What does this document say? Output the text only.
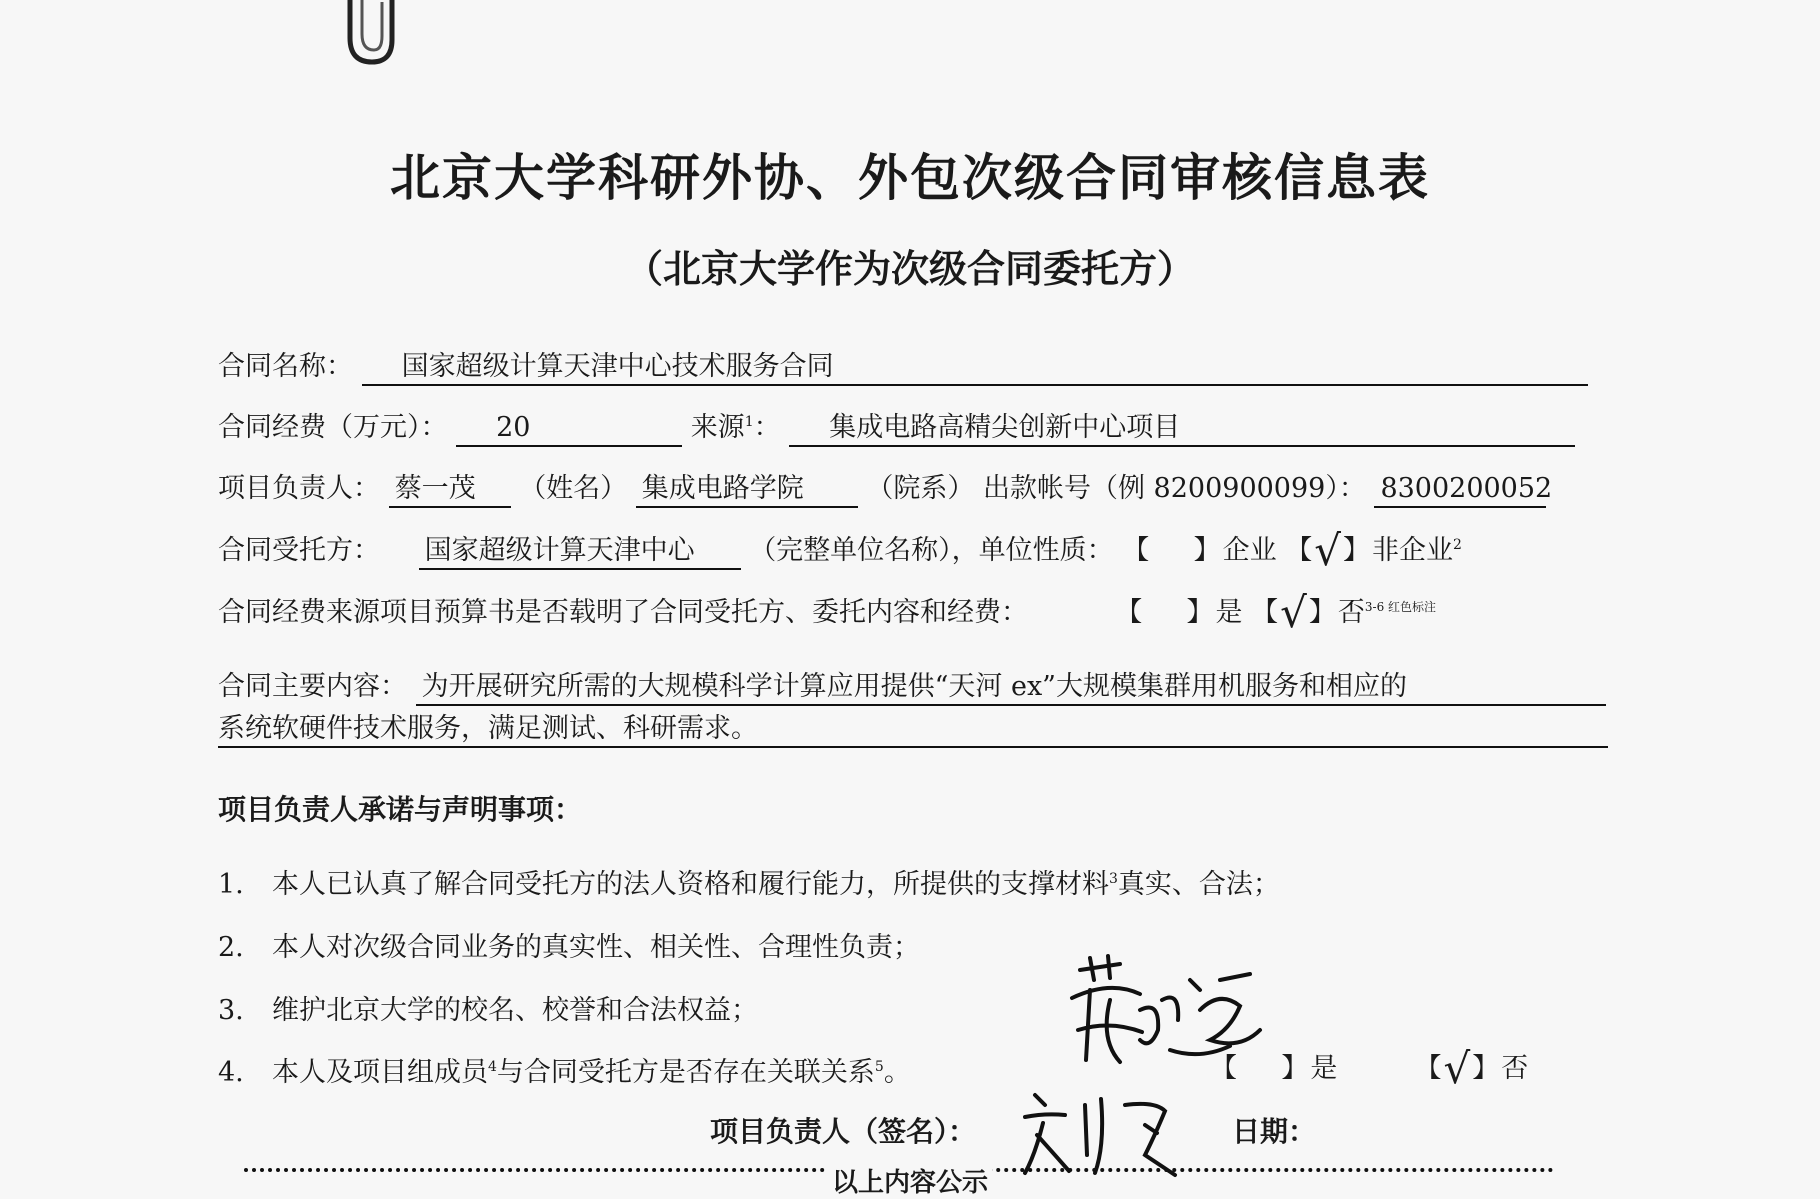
北京大学科研外协、外包次级合同审核信息表
（北京大学作为次级合同委托方）
合同名称： 国家超级计算天津中心技术服务合同
合同经费（万元）： 20	来源$^1$： 集成电路高精尖创新中心项目
项目负责人： 蔡一茂 （姓名） 集成电路学院 （院系） 出款帐号（例 8200900099）： 8300200052
合同受托方： 国家超级计算天津中心 （完整单位名称），单位性质： 【 】企业 【√】非企业$^2$
合同经费来源项目预算书是否载明了合同受托方、委托内容和经费：	【 】是 【√】否$^{3-6 红色标注}$
合同主要内容： 为开展研究所需的大规模科学计算应用提供“天河 ex”大规模集群用机服务和相应的
系统软硬件技术服务，满足测试、科研需求。
项目负责人承诺与声明事项：
1. 本人已认真了解合同受托方的法人资格和履行能力，所提供的支撑材料$^3$真实、合法；
2. 本人对次级合同业务的真实性、相关性、合理性负责；
3. 维护北京大学的校名、校誉和合法权益；
4. 本人及项目组成员$^4$与合同受托方是否存在关联关系$^5$。	【 】是	【√】否
项目负责人（签名）：	日期：
以上内容公示
